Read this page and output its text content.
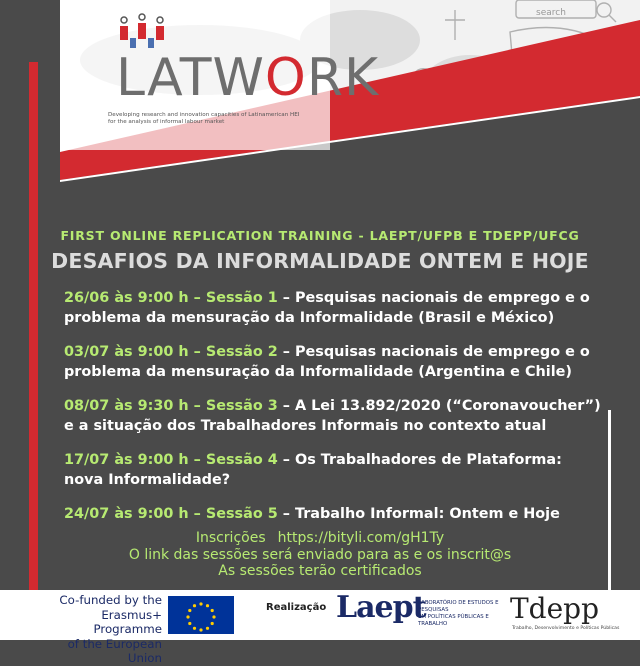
search
LATWORK
Developing research and innovation capacities of Latinamerican HEI
for the analysis of informal labour market
FIRST ONLINE REPLICATION TRAINING - LAEPT/UFPB E TDEPP/UFCG
DESAFIOS DA INFORMALIDADE ONTEM E HOJE
26/06 às 9:00 h – Sessão 1 – Pesquisas nacionais de emprego e o problema da mensuração da Informalidade (Brasil e México)
03/07 às 9:00 h – Sessão 2 – Pesquisas nacionais de emprego e o problema da mensuração da Informalidade (Argentina e Chile)
08/07 às 9:30 h – Sessão 3 – A Lei 13.892/2020 (“Coronavoucher”) e a situação dos Trabalhadores Informais no contexto atual
17/07 às 9:00 h – Sessão 4 – Os Trabalhadores de Plataforma: nova Informalidade?
24/07 às 9:00 h – Sessão 5 – Trabalho Informal: Ontem e Hoje
Inscrições https://bityli.com/gH1Ty
O link das sessões será enviado para as e os inscrit@s
As sessões terão certificados
Co-funded by the
Erasmus+ Programme
of the European Union
Realização Laept
LABORATÓRIO DE ESTUDOS E PESQUISAS
EM POLÍTICAS PÚBLICAS E TRABALHO	Tdepp
Trabalho, Desenvolvimento e Políticas Públicas
